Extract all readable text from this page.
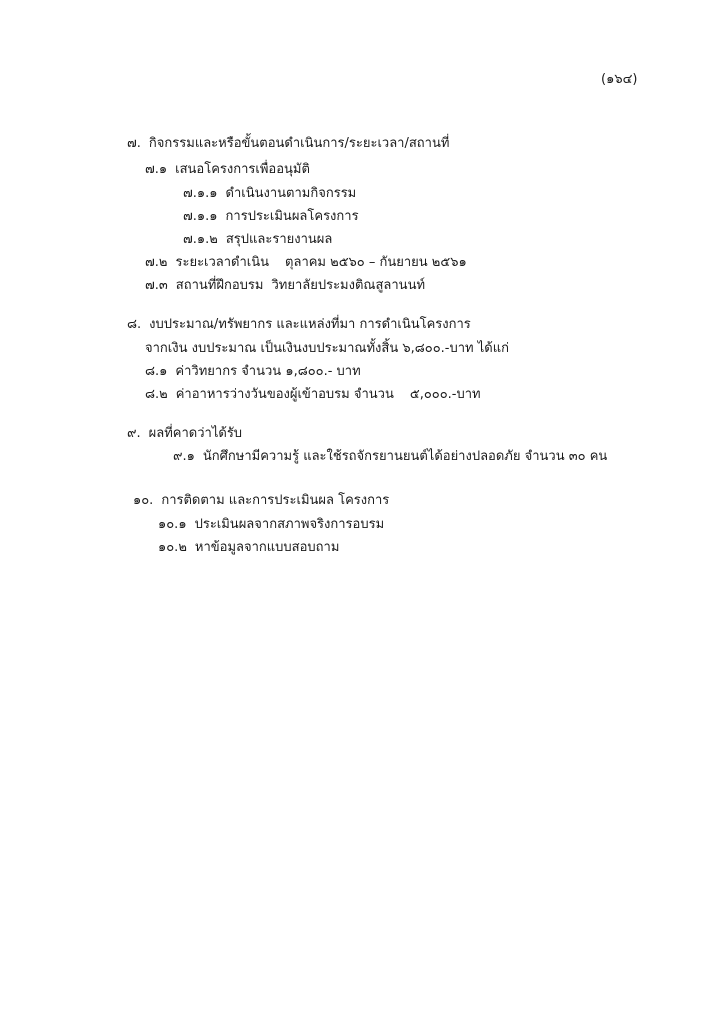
(๑๖๔)
๗. กิจกรรมและหรือขั้นตอนดำเนินการ/ระยะเวลา/สถานที่
๗.๑ เสนอโครงการเพื่ออนุมัติ
๗.๑.๑ ดำเนินงานตามกิจกรรม
๗.๑.๑ การประเมินผลโครงการ
๗.๑.๒ สรุปและรายงานผล
๗.๒ ระยะเวลาดำเนิน ตุลาคม ๒๕๖๐ – กันยายน ๒๕๖๑
๗.๓ สถานที่ฝึกอบรม วิทยาลัยประมงติณสูลานนท์
๘. งบประมาณ/ทรัพยากร และแหล่งที่มา การดำเนินโครงการ
จากเงิน งบประมาณ เป็นเงินงบประมาณทั้งสิ้น ๖,๘๐๐.-บาท ได้แก่
๘.๑ ค่าวิทยากร จำนวน ๑,๘๐๐.- บาท
๘.๒ ค่าอาหารว่างวันของผู้เข้าอบรม จำนวน ๕,๐๐๐.-บาท
๙. ผลที่คาดว่าได้รับ
๙.๑ นักศึกษามีความรู้ และใช้รถจักรยานยนต์ได้อย่างปลอดภัย จำนวน ๓๐ คน
๑๐. การติดตาม และการประเมินผล โครงการ
๑๐.๑ ประเมินผลจากสภาพจริงการอบรม
๑๐.๒ หาข้อมูลจากแบบสอบถาม
